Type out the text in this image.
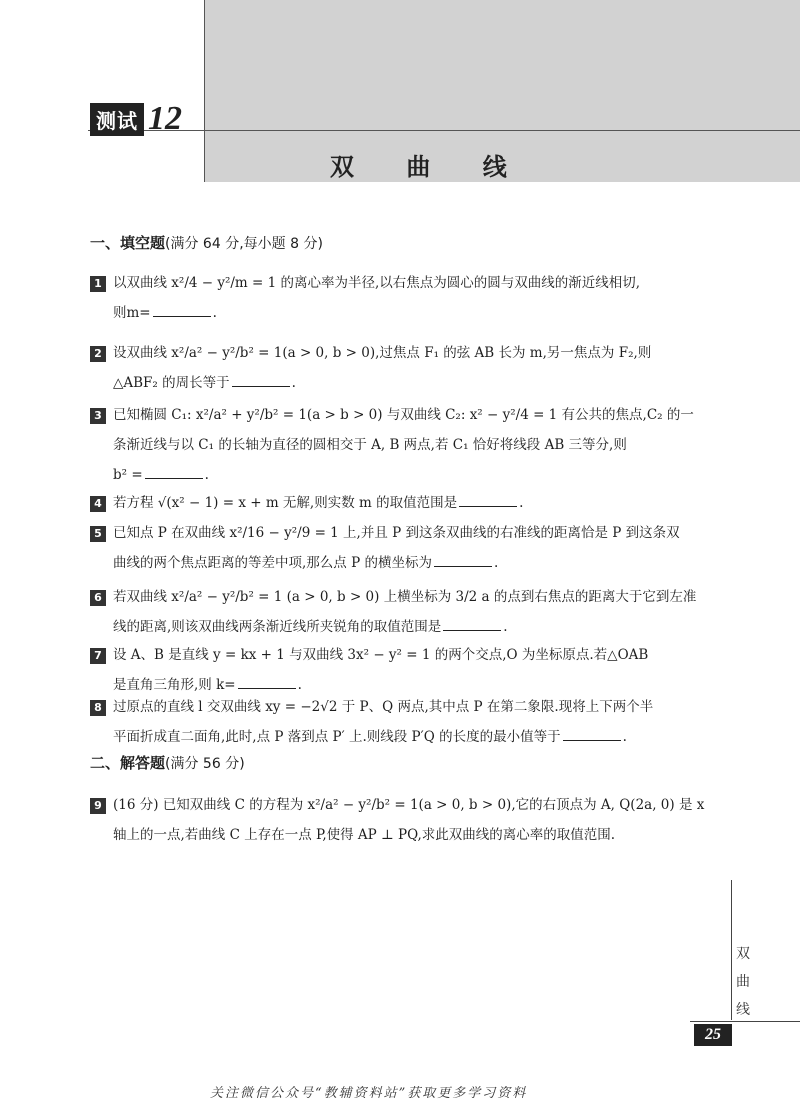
测试 12
双 曲 线
一、填空题(满分 64 分,每小题 8 分)
1 以双曲线 x²/4 − y²/m = 1 的离心率为半径,以右焦点为圆心的圆与双曲线的渐近线相切,
则m=	.
2 设双曲线 x²/a² − y²/b² = 1(a > 0, b > 0),过焦点 F₁ 的弦 AB 长为 m,另一焦点为 F₂,则
△ABF₂ 的周长等于	.
3 已知椭圆 C₁: x²/a² + y²/b² = 1(a > b > 0) 与双曲线 C₂: x² − y²/4 = 1 有公共的焦点,C₂ 的一
条渐近线与以 C₁ 的长轴为直径的圆相交于 A, B 两点,若 C₁ 恰好将线段 AB 三等分,则
b² =	.
4 若方程 √(x² − 1) = x + m 无解,则实数 m 的取值范围是	.
5 已知点 P 在双曲线 x²/16 − y²/9 = 1 上,并且 P 到这条双曲线的右准线的距离恰是 P 到这条双
曲线的两个焦点距离的等差中项,那么点 P 的横坐标为	.
6 若双曲线 x²/a² − y²/b² = 1 (a > 0, b > 0) 上横坐标为 3/2 a 的点到右焦点的距离大于它到左准
线的距离,则该双曲线两条渐近线所夹锐角的取值范围是	.
7 设 A、B 是直线 y = kx + 1 与双曲线 3x² − y² = 1 的两个交点,O 为坐标原点.若△OAB
是直角三角形,则 k=	.
8 过原点的直线 l 交双曲线 xy = −2√2 于 P、Q 两点,其中点 P 在第二象限.现将上下两个半
平面折成直二面角,此时,点 P 落到点 P′ 上.则线段 P′Q 的长度的最小值等于	.
二、解答题(满分 56 分)
9 (16 分) 已知双曲线 C 的方程为 x²/a² − y²/b² = 1(a > 0, b > 0),它的右顶点为 A, Q(2a, 0) 是 x
轴上的一点,若曲线 C 上存在一点 P,使得 AP ⊥ PQ,求此双曲线的离心率的取值范围.
双
曲
线
25
关注微信公众号“教辅资料站”获取更多学习资料
